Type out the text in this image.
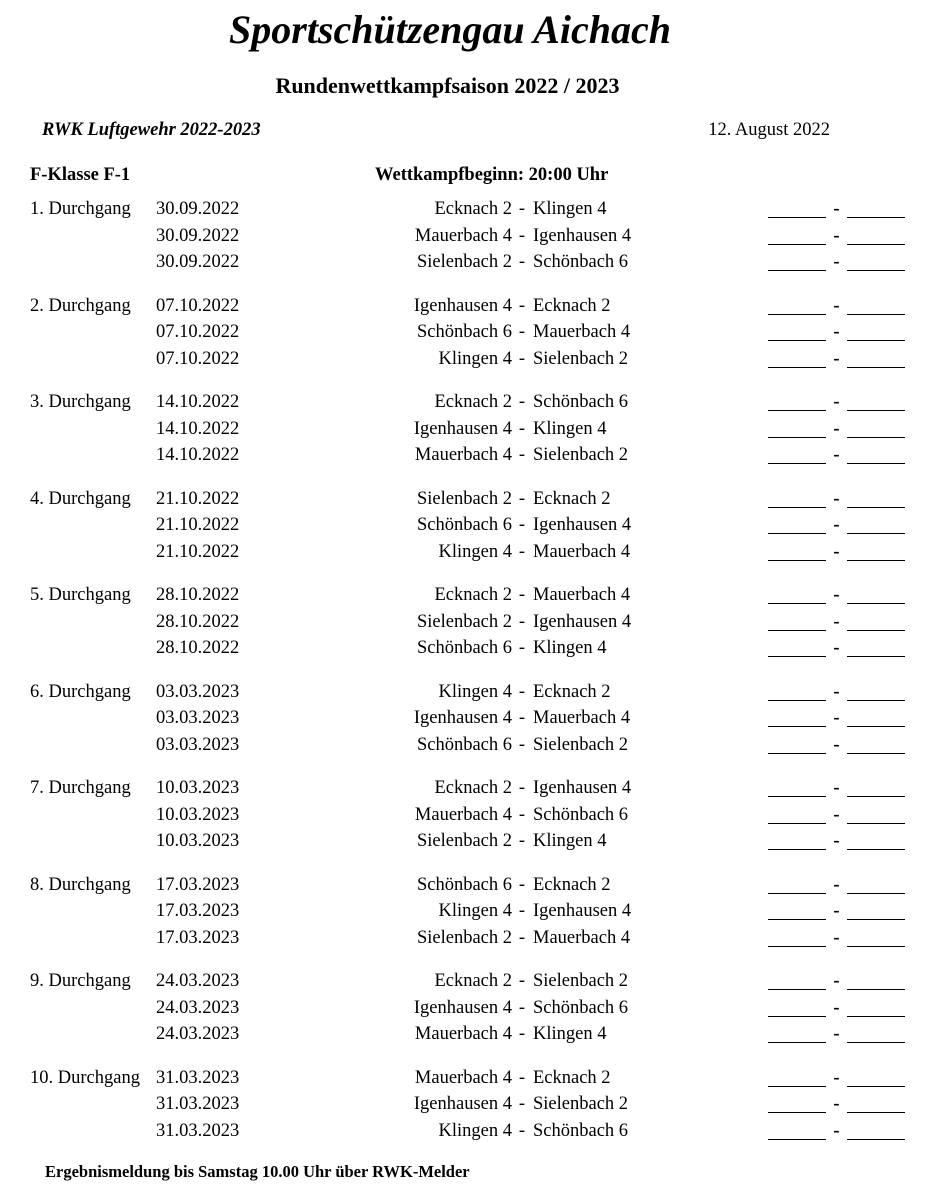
Sportschützengau Aichach
Rundenwettkampfsaison 2022 / 2023
RWK Luftgewehr 2022-2023	12. August 2022
F-Klasse F-1	Wettkampfbeginn: 20:00 Uhr
1. Durchgang	30.09.2022	Ecknach 2 - Klingen 4	-
30.09.2022	Mauerbach 4 - Igenhausen 4	-
30.09.2022	Sielenbach 2 - Schönbach 6	-
2. Durchgang	07.10.2022	Igenhausen 4 - Ecknach 2	-
07.10.2022	Schönbach 6 - Mauerbach 4	-
07.10.2022	Klingen 4 - Sielenbach 2	-
3. Durchgang	14.10.2022	Ecknach 2 - Schönbach 6	-
14.10.2022	Igenhausen 4 - Klingen 4	-
14.10.2022	Mauerbach 4 - Sielenbach 2	-
4. Durchgang	21.10.2022	Sielenbach 2 - Ecknach 2	-
21.10.2022	Schönbach 6 - Igenhausen 4	-
21.10.2022	Klingen 4 - Mauerbach 4	-
5. Durchgang	28.10.2022	Ecknach 2 - Mauerbach 4	-
28.10.2022	Sielenbach 2 - Igenhausen 4	-
28.10.2022	Schönbach 6 - Klingen 4	-
6. Durchgang	03.03.2023	Klingen 4 - Ecknach 2	-
03.03.2023	Igenhausen 4 - Mauerbach 4	-
03.03.2023	Schönbach 6 - Sielenbach 2	-
7. Durchgang	10.03.2023	Ecknach 2 - Igenhausen 4	-
10.03.2023	Mauerbach 4 - Schönbach 6	-
10.03.2023	Sielenbach 2 - Klingen 4	-
8. Durchgang	17.03.2023	Schönbach 6 - Ecknach 2	-
17.03.2023	Klingen 4 - Igenhausen 4	-
17.03.2023	Sielenbach 2 - Mauerbach 4	-
9. Durchgang	24.03.2023	Ecknach 2 - Sielenbach 2	-
24.03.2023	Igenhausen 4 - Schönbach 6	-
24.03.2023	Mauerbach 4 - Klingen 4	-
10. Durchgang 31.03.2023	Mauerbach 4 - Ecknach 2	-
31.03.2023	Igenhausen 4 - Sielenbach 2	-
31.03.2023	Klingen 4 - Schönbach 6	-
Ergebnismeldung bis Samstag 10.00 Uhr über RWK-Melder
